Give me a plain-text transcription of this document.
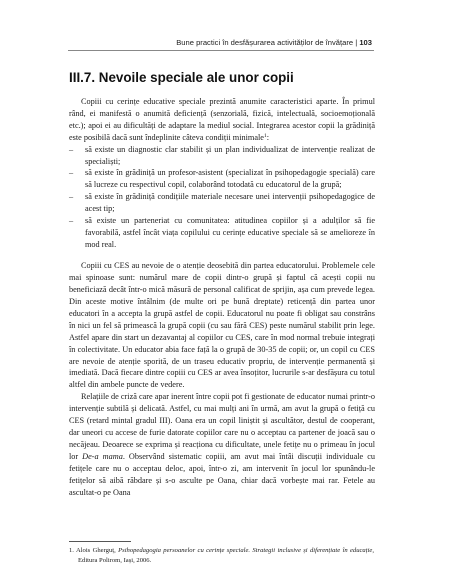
Bune practici în desfășurarea activităților de învățare | 103
III.7. Nevoile speciale ale unor copii

Copiii cu cerințe educative speciale prezintă anumite caracteristici aparte. În primul rând, ei manifestă o anumită deficiență (senzorială, fizică, intelectuală, socioemoțională etc.); apoi ei au dificultăți de adaptare la mediul social. Integrarea acestor copii la grădiniță este posibilă dacă sunt îndeplinite câteva condiții minimale$^1$:

– să existe un diagnostic clar stabilit și un plan individualizat de intervenție realizat de specialiști;
– să existe în grădiniță un profesor-asistent (specializat în psihopedagogie specială) care să lucreze cu respectivul copil, colaborând totodată cu educatorul de la grupă;
– să existe în grădiniță condițiile materiale necesare unei intervenții psihopedagogice de acest tip;
– să existe un parteneriat cu comunitatea: atitudinea copiilor și a adulților să fie favorabilă, astfel încât viața copilului cu cerințe educative speciale să se amelioreze în mod real.

Copiii cu CES au nevoie de o atenție deosebită din partea educatorului. Problemele cele mai spinoase sunt: numărul mare de copii dintr-o grupă și faptul că acești copii nu beneficiază decât într-o mică măsură de personal calificat de sprijin, așa cum prevede legea. Din aceste motive întâlnim (de multe ori pe bună dreptate) reticență din partea unor educatori în a accepta la grupă astfel de copii. Educatorul nu poate fi obligat sau constrâns în nici un fel să primească la grupă copii (cu sau fără CES) peste numărul stabilit prin lege. Astfel apare din start un dezavantaj al copiilor cu CES, care în mod normal trebuie integrați în colectivitate. Un educator abia face față la o grupă de 30-35 de copii; or, un copil cu CES are nevoie de atenție sporită, de un traseu educativ propriu, de intervenție permanentă și imediată. Dacă fiecare dintre copiii cu CES ar avea însoțitor, lucrurile s-ar desfășura cu totul altfel din ambele puncte de vedere.

Relațiile de criză care apar inerent între copii pot fi gestionate de educator numai printr-o intervenție subtilă și delicată. Astfel, cu mai mulți ani în urmă, am avut la grupă o fetiță cu CES (retard mintal gradul III). Oana era un copil liniștit și ascultător, destul de cooperant, dar uneori cu accese de furie datorate copiilor care nu o acceptau ca partener de joacă sau o necăjeau. Deoarece se exprima și reacționa cu dificultate, unele fetițe nu o primeau în jocul lor De-a mama. Observând sistematic copiii, am avut mai întâi discuții individuale cu fetițele care nu o acceptau deloc, apoi, într-o zi, am intervenit în jocul lor spunându-le fetițelor să aibă răbdare și s-o asculte pe Oana, chiar dacă vorbește mai rar. Fetele au ascultat-o pe Oana

1. Alois Gherguț, Psihopedagogia persoanelor cu cerințe speciale. Strategii inclusive și diferențiate în educație, Editura Polirom, Iași, 2006.
